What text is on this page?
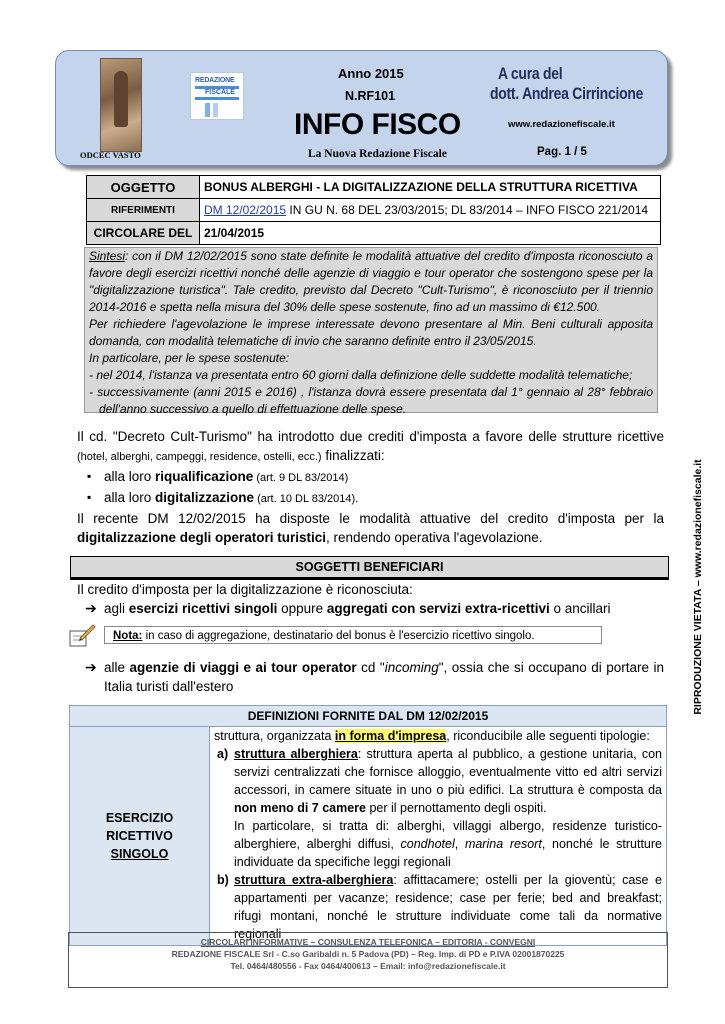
REDAZIONE
FISCALE
ODCEC VASTO
Anno 2015
N.RF101
INFO FISCO
La Nuova Redazione Fiscale
A cura del
dott. Andrea Cirrincione
www.redazionefiscale.it
Pag. 1 / 5
OGGETTO	BONUS ALBERGHI - LA DIGITALIZZAZIONE DELLA STRUTTURA RICETTIVA
RIFERIMENTI	DM 12/02/2015 IN GU N. 68 DEL 23/03/2015; DL 83/2014 – INFO FISCO 221/2014
CIRCOLARE DEL	21/04/2015

Sintesi: con il DM 12/02/2015 sono state definite le modalità attuative del credito d'imposta riconosciuto a favore degli esercizi ricettivi nonché delle agenzie di viaggio e tour operator che sostengono spese per la "digitalizzazione turistica". Tale credito, previsto dal Decreto "Cult-Turismo", è riconosciuto per il triennio 2014-2016 e spetta nella misura del 30% delle spese sostenute, fino ad un massimo di €12.500.

Per richiedere l'agevolazione le imprese interessate devono presentare al Min. Beni culturali apposita domanda, con modalità telematiche di invio che saranno definite entro il 23/05/2015.

In particolare, per le spese sostenute:

- nel 2014, l'istanza va presentata entro 60 giorni dalla definizione delle suddette modalità telematiche;

- successivamente (anni 2015 e 2016) , l'istanza dovrà essere presentata dal 1° gennaio al 28° febbraio dell'anno successivo a quello di effettuazione delle spese.

Il cd. "Decreto Cult-Turismo" ha introdotto due crediti d'imposta a favore delle strutture ricettive (hotel, alberghi, campeggi, residence, ostelli, ecc.) finalizzati:

▪ alla loro riqualificazione (art. 9 DL 83/2014)

▪ alla loro digitalizzazione (art. 10 DL 83/2014).

Il recente DM 12/02/2015 ha disposte le modalità attuative del credito d'imposta per la digitalizzazione degli operatori turistici, rendendo operativa l'agevolazione.

SOGGETTI BENEFICIARI
Il credito d'imposta per la digitalizzazione è riconosciuta:
➔ agli esercizi ricettivi singoli oppure aggregati con servizi extra-ricettivi o ancillari
Nota: in caso di aggregazione, destinatario del bonus è l'esercizio ricettivo singolo.
➔ alle agenzie di viaggi e ai tour operator cd "incoming", ossia che si occupano di portare in Italia turisti dall'estero
DEFINIZIONI FORNITE DAL DM 12/02/2015

ESERCIZIO RICETTIVO
SINGOLO

struttura, organizzata in forma d'impresa, riconducibile alle seguenti tipologie:
a) struttura alberghiera: struttura aperta al pubblico, a gestione unitaria, con servizi centralizzati che fornisce alloggio, eventualmente vitto ed altri servizi accessori, in camere situate in uno o più edifici. La struttura è composta da non meno di 7 camere per il pernottamento degli ospiti.
In particolare, si tratta di: alberghi, villaggi albergo, residenze turistico-alberghiere, alberghi diffusi, condhotel, marina resort, nonché le strutture individuate da specifiche leggi regionali
b) struttura extra-alberghiera: affittacamere; ostelli per la gioventù; case e appartamenti per vacanze; residence; case per ferie; bed and breakfast; rifugi montani, nonché le strutture individuate come tali da normative regionali
CIRCOLARI INFORMATIVE – CONSULENZA TELEFONICA – EDITORIA - CONVEGNI
REDAZIONE FISCALE Srl - C.so Garibaldi n. 5 Padova (PD) – Reg. Imp. di PD e P.IVA 02001870225
Tel. 0464/480556 - Fax 0464/400613 – Email: info@redazionefiscale.it
RIPRODUZIONE VIETATA – www.redazionefiscale.it
